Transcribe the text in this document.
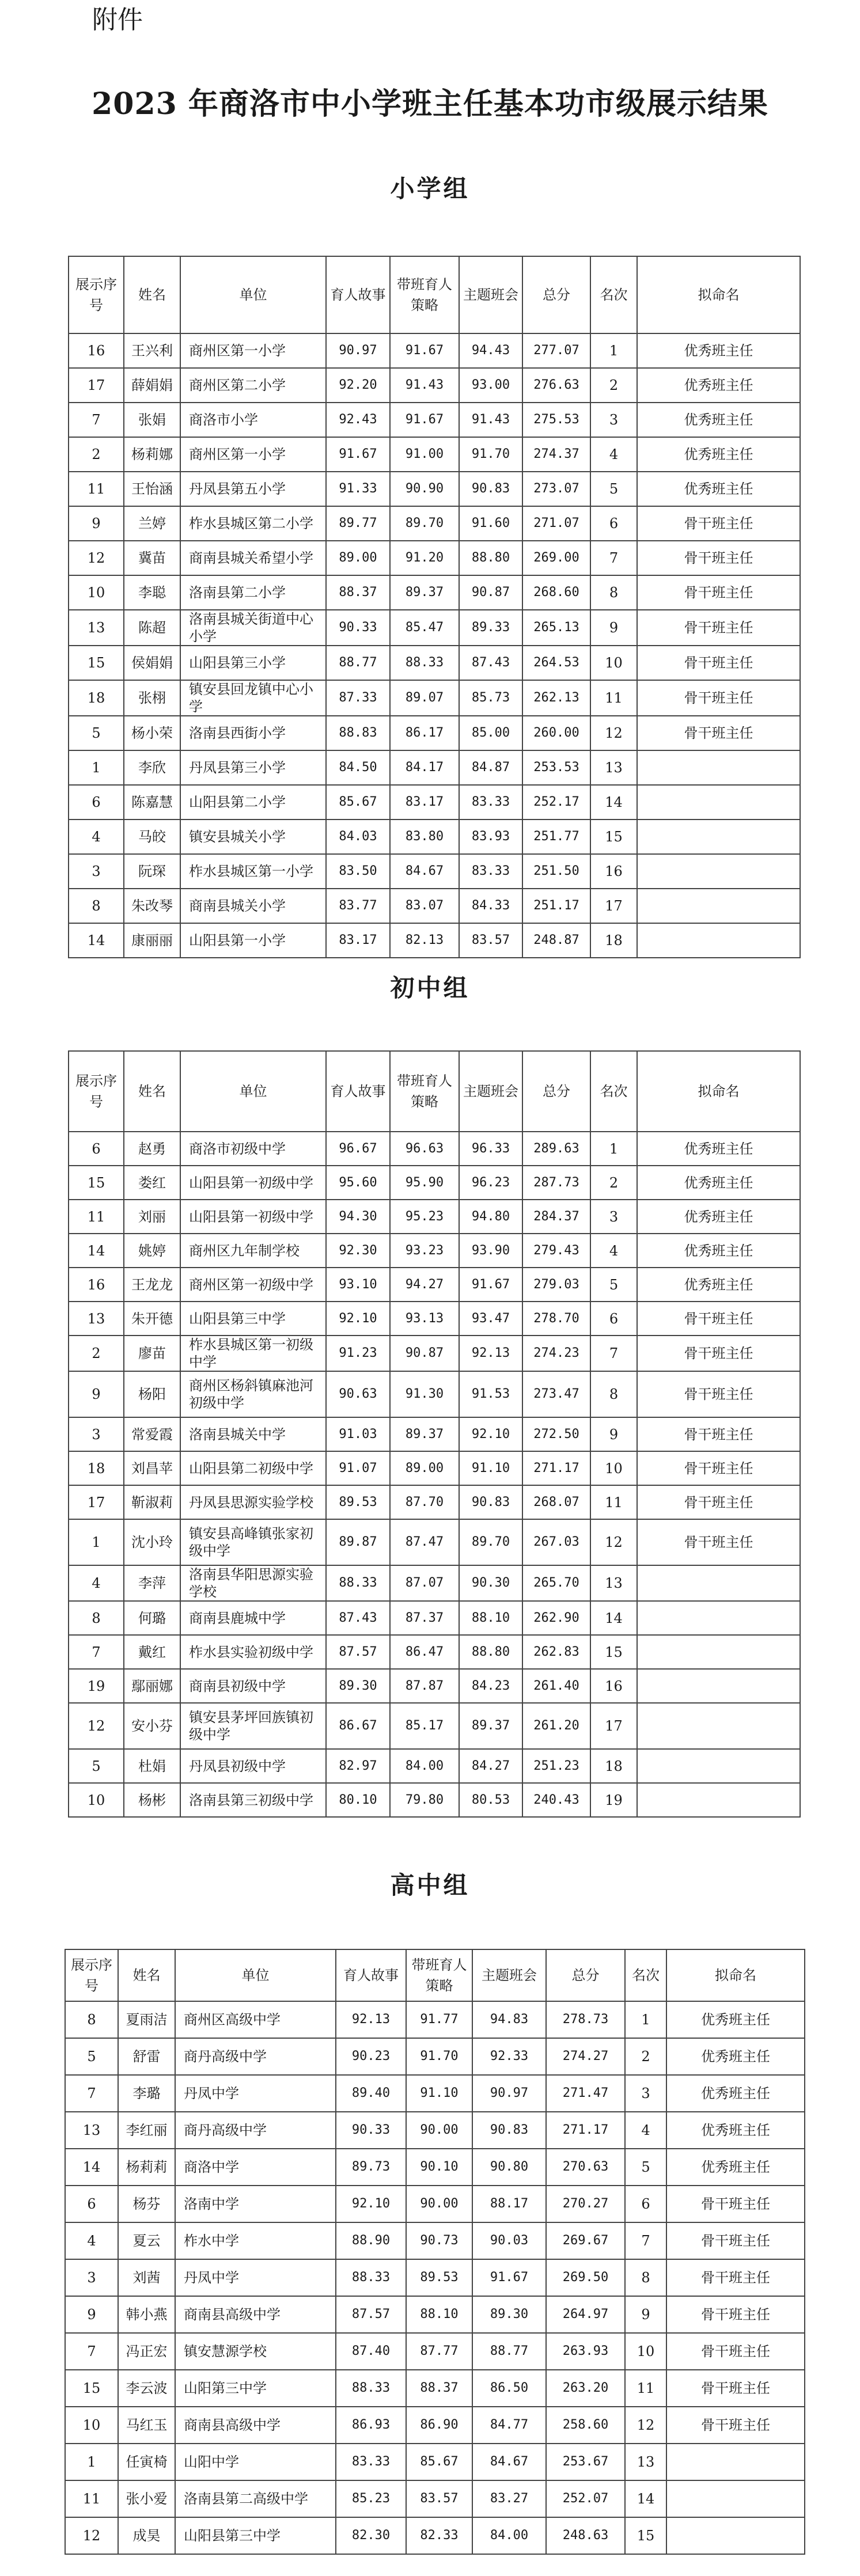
附件
2023 年商洛市中小学班主任基本功市级展示结果
小学组
展示序号	姓名	单位	育人故事	带班育人策略	主题班会	总分	名次	拟命名
16	王兴利	商州区第一小学	90.97	91.67	94.43	277.07	1	优秀班主任
17	薛娟娟	商州区第二小学	92.20	91.43	93.00	276.63	2	优秀班主任
7	张娟	商洛市小学	92.43	91.67	91.43	275.53	3	优秀班主任
2	杨莉娜	商州区第一小学	91.67	91.00	91.70	274.37	4	优秀班主任
11	王怡涵	丹凤县第五小学	91.33	90.90	90.83	273.07	5	优秀班主任
9	兰婷	柞水县城区第二小学	89.77	89.70	91.60	271.07	6	骨干班主任
12	冀苗	商南县城关希望小学	89.00	91.20	88.80	269.00	7	骨干班主任
10	李聪	洛南县第二小学	88.37	89.37	90.87	268.60	8	骨干班主任
13	陈超	洛南县城关街道中心小学	90.33	85.47	89.33	265.13	9	骨干班主任
15	侯娟娟	山阳县第三小学	88.77	88.33	87.43	264.53	10	骨干班主任
18	张栩	镇安县回龙镇中心小学	87.33	89.07	85.73	262.13	11	骨干班主任
5	杨小荣	洛南县西街小学	88.83	86.17	85.00	260.00	12	骨干班主任
1	李欣	丹凤县第三小学	84.50	84.17	84.87	253.53	13	
6	陈嘉慧	山阳县第二小学	85.67	83.17	83.33	252.17	14	
4	马皎	镇安县城关小学	84.03	83.80	83.93	251.77	15	
3	阮琛	柞水县城区第一小学	83.50	84.67	83.33	251.50	16	
8	朱改琴	商南县城关小学	83.77	83.07	84.33	251.17	17	
14	康丽丽	山阳县第一小学	83.17	82.13	83.57	248.87	18	
初中组
展示序号	姓名	单位	育人故事	带班育人策略	主题班会	总分	名次	拟命名
6	赵勇	商洛市初级中学	96.67	96.63	96.33	289.63	1	优秀班主任
15	娄红	山阳县第一初级中学	95.60	95.90	96.23	287.73	2	优秀班主任
11	刘丽	山阳县第一初级中学	94.30	95.23	94.80	284.37	3	优秀班主任
14	姚婷	商州区九年制学校	92.30	93.23	93.90	279.43	4	优秀班主任
16	王龙龙	商州区第一初级中学	93.10	94.27	91.67	279.03	5	优秀班主任
13	朱开德	山阳县第三中学	92.10	93.13	93.47	278.70	6	骨干班主任
2	廖苗	柞水县城区第一初级中学	91.23	90.87	92.13	274.23	7	骨干班主任
9	杨阳	商州区杨斜镇麻池河初级中学	90.63	91.30	91.53	273.47	8	骨干班主任
3	常爱霞	洛南县城关中学	91.03	89.37	92.10	272.50	9	骨干班主任
18	刘昌苹	山阳县第二初级中学	91.07	89.00	91.10	271.17	10	骨干班主任
17	靳淑莉	丹凤县思源实验学校	89.53	87.70	90.83	268.07	11	骨干班主任
1	沈小玲	镇安县高峰镇张家初级中学	89.87	87.47	89.70	267.03	12	骨干班主任
4	李萍	洛南县华阳思源实验学校	88.33	87.07	90.30	265.70	13	
8	何璐	商南县鹿城中学	87.43	87.37	88.10	262.90	14	
7	戴红	柞水县实验初级中学	87.57	86.47	88.80	262.83	15	
19	鄢丽娜	商南县初级中学	89.30	87.87	84.23	261.40	16	
12	安小芬	镇安县茅坪回族镇初级中学	86.67	85.17	89.37	261.20	17	
5	杜娟	丹凤县初级中学	82.97	84.00	84.27	251.23	18	
10	杨彬	洛南县第三初级中学	80.10	79.80	80.53	240.43	19	
高中组
展示序号	姓名	单位	育人故事	带班育人策略	主题班会	总分	名次	拟命名
8	夏雨洁	商州区高级中学	92.13	91.77	94.83	278.73	1	优秀班主任
5	舒雷	商丹高级中学	90.23	91.70	92.33	274.27	2	优秀班主任
7	李璐	丹凤中学	89.40	91.10	90.97	271.47	3	优秀班主任
13	李红丽	商丹高级中学	90.33	90.00	90.83	271.17	4	优秀班主任
14	杨莉莉	商洛中学	89.73	90.10	90.80	270.63	5	优秀班主任
6	杨芬	洛南中学	92.10	90.00	88.17	270.27	6	骨干班主任
4	夏云	柞水中学	88.90	90.73	90.03	269.67	7	骨干班主任
3	刘茜	丹凤中学	88.33	89.53	91.67	269.50	8	骨干班主任
9	韩小燕	商南县高级中学	87.57	88.10	89.30	264.97	9	骨干班主任
7	冯正宏	镇安慧源学校	87.40	87.77	88.77	263.93	10	骨干班主任
15	李云波	山阳第三中学	88.33	88.37	86.50	263.20	11	骨干班主任
10	马红玉	商南县高级中学	86.93	86.90	84.77	258.60	12	骨干班主任
1	任寅椅	山阳中学	83.33	85.67	84.67	253.67	13	
11	张小爱	洛南县第二高级中学	85.23	83.57	83.27	252.07	14	
12	成昊	山阳县第三中学	82.30	82.33	84.00	248.63	15	
